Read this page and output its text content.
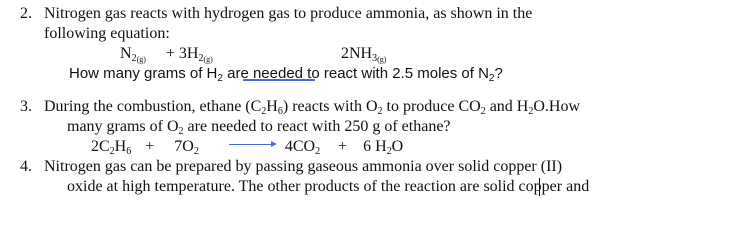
2. Nitrogen gas reacts with hydrogen gas to produce ammonia, as shown in the
following equation:
$N_{2(g)} + 3H_{2(g)}$	$2NH_{3(g)}$
How many grams of $H_2$ are needed to react with 2.5 moles of $N_2$?
3. During the combustion, ethane $(C_2H_6)$ reacts with $O_2$ to produce $CO_2$ and $H_2O.How$
many grams of $O_2$ are needed to react with 250 g of ethane?
$2C_2H_6 + 7O_2$	$4CO_2 + 6$ $H_2O$
4. Nitrogen gas can be prepared by passing gaseous ammonia over solid copper (II)
oxide at high temperature. The other products of the reaction are solid copper and
